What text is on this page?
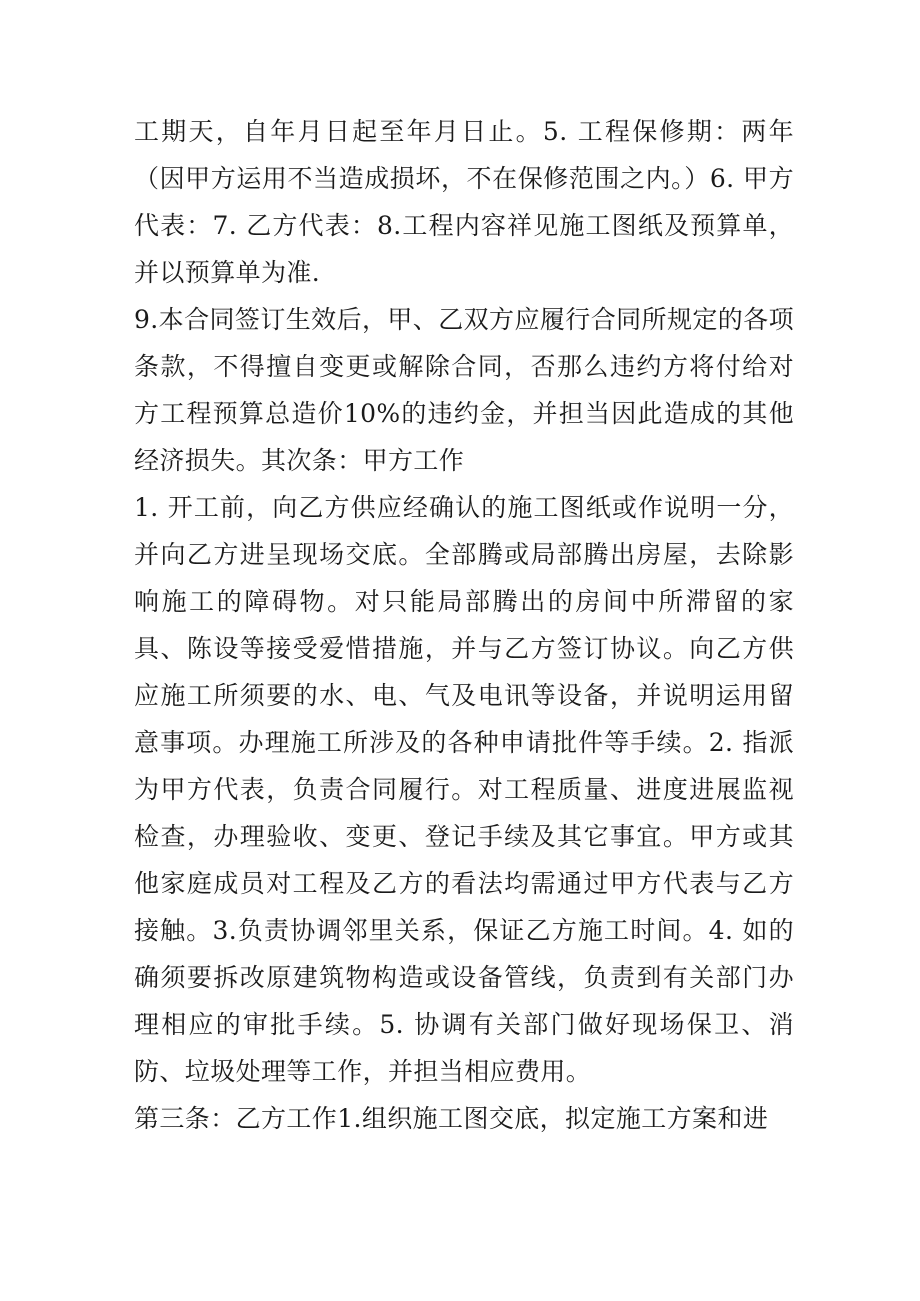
工期天，自年月日起至年月日止。5. 工程保修期：两年（因甲方运用不当造成损坏，不在保修范围之内。）6. 甲方代表：7. 乙方代表：8.工程内容祥见施工图纸及预算单，并以预算单为准.

9.本合同签订生效后，甲、乙双方应履行合同所规定的各项条款，不得擅自变更或解除合同，否那么违约方将付给对方工程预算总造价10%的违约金，并担当因此造成的其他经济损失。其次条：甲方工作

1. 开工前，向乙方供应经确认的施工图纸或作说明一分，并向乙方进呈现场交底。全部腾或局部腾出房屋，去除影响施工的障碍物。对只能局部腾出的房间中所滞留的家具、陈设等接受爱惜措施，并与乙方签订协议。向乙方供应施工所须要的水、电、气及电讯等设备，并说明运用留意事项。办理施工所涉及的各种申请批件等手续。2. 指派为甲方代表，负责合同履行。对工程质量、进度进展监视检查，办理验收、变更、登记手续及其它事宜。甲方或其他家庭成员对工程及乙方的看法均需通过甲方代表与乙方接触。3.负责协调邻里关系，保证乙方施工时间。4. 如的确须要拆改原建筑物构造或设备管线，负责到有关部门办理相应的审批手续。5. 协调有关部门做好现场保卫、消防、垃圾处理等工作，并担当相应费用。

第三条：乙方工作1.组织施工图交底，拟定施工方案和进
